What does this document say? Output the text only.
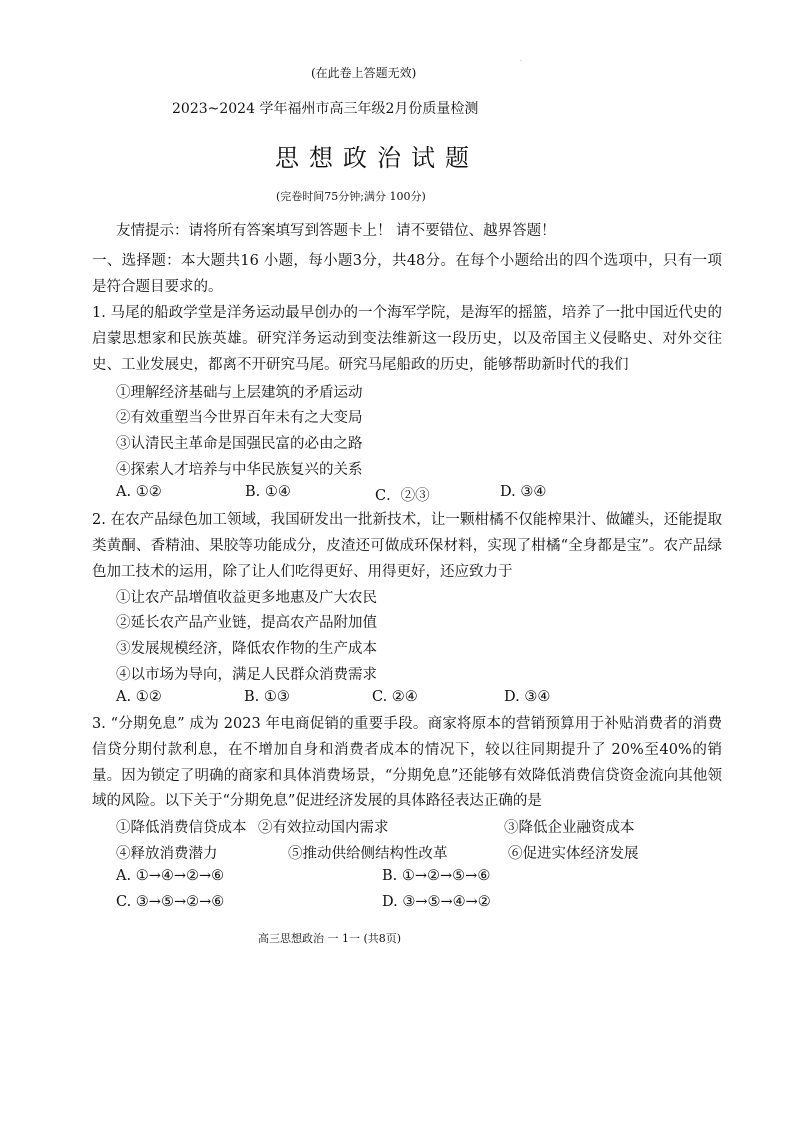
.
(在此卷上答题无效)
2023~2024 学年福州市高三年级2月份质量检测
思想政治试题
(完卷时间75分钟;满分 100分)
友情提示：请将所有答案填写到答题卡上！ 请不要错位、越界答题！
一、选择题：本大题共16 小题，每小题3分，共48分。在每个小题给出的四个选项中，只有一项是符合题目要求的。
1. 马尾的船政学堂是洋务运动最早创办的一个海军学院，是海军的摇篮，培养了一批中国近代史的启蒙思想家和民族英雄。研究洋务运动到变法维新这一段历史，以及帝国主义侵略史、对外交往史、工业发展史，都离不开研究马尾。研究马尾船政的历史，能够帮助新时代的我们
①理解经济基础与上层建筑的矛盾运动
②有效重塑当今世界百年未有之大变局
③认清民主革命是国强民富的必由之路
④探索人才培养与中华民族复兴的关系
A. ①②	B. ①④	C．②③	D. ③④
2. 在农产品绿色加工领域，我国研发出一批新技术，让一颗柑橘不仅能榨果汁、做罐头，还能提取类黄酮、香精油、果胶等功能成分，皮渣还可做成环保材料，实现了柑橘“全身都是宝”。农产品绿色加工技术的运用，除了让人们吃得更好、用得更好，还应致力于
①让农产品增值收益更多地惠及广大农民
②延长农产品产业链，提高农产品附加值
③发展规模经济，降低农作物的生产成本
④以市场为导向，满足人民群众消费需求
A. ①②	B. ①③	C. ②④	D. ③④
3. “分期免息” 成为 2023 年电商促销的重要手段。商家将原本的营销预算用于补贴消费者的消费信贷分期付款利息，在不增加自身和消费者成本的情况下，较以往同期提升了 20%至40%的销量。因为锁定了明确的商家和具体消费场景，“分期免息”还能够有效降低消费信贷资金流向其他领域的风险。以下关于“分期免息”促进经济发展的具体路径表达正确的是
①降低消费信贷成本 ②有效拉动国内需求	③降低企业融资成本
④释放消费潜力	⑤推动供给侧结构性改革	⑥促进实体经济发展
A. ①→④→②→⑥	B. ①→②→⑤→⑥
C. ③→⑤→②→⑥	D. ③→⑤→④→②
高三思想政治 一 1一 (共8页)
